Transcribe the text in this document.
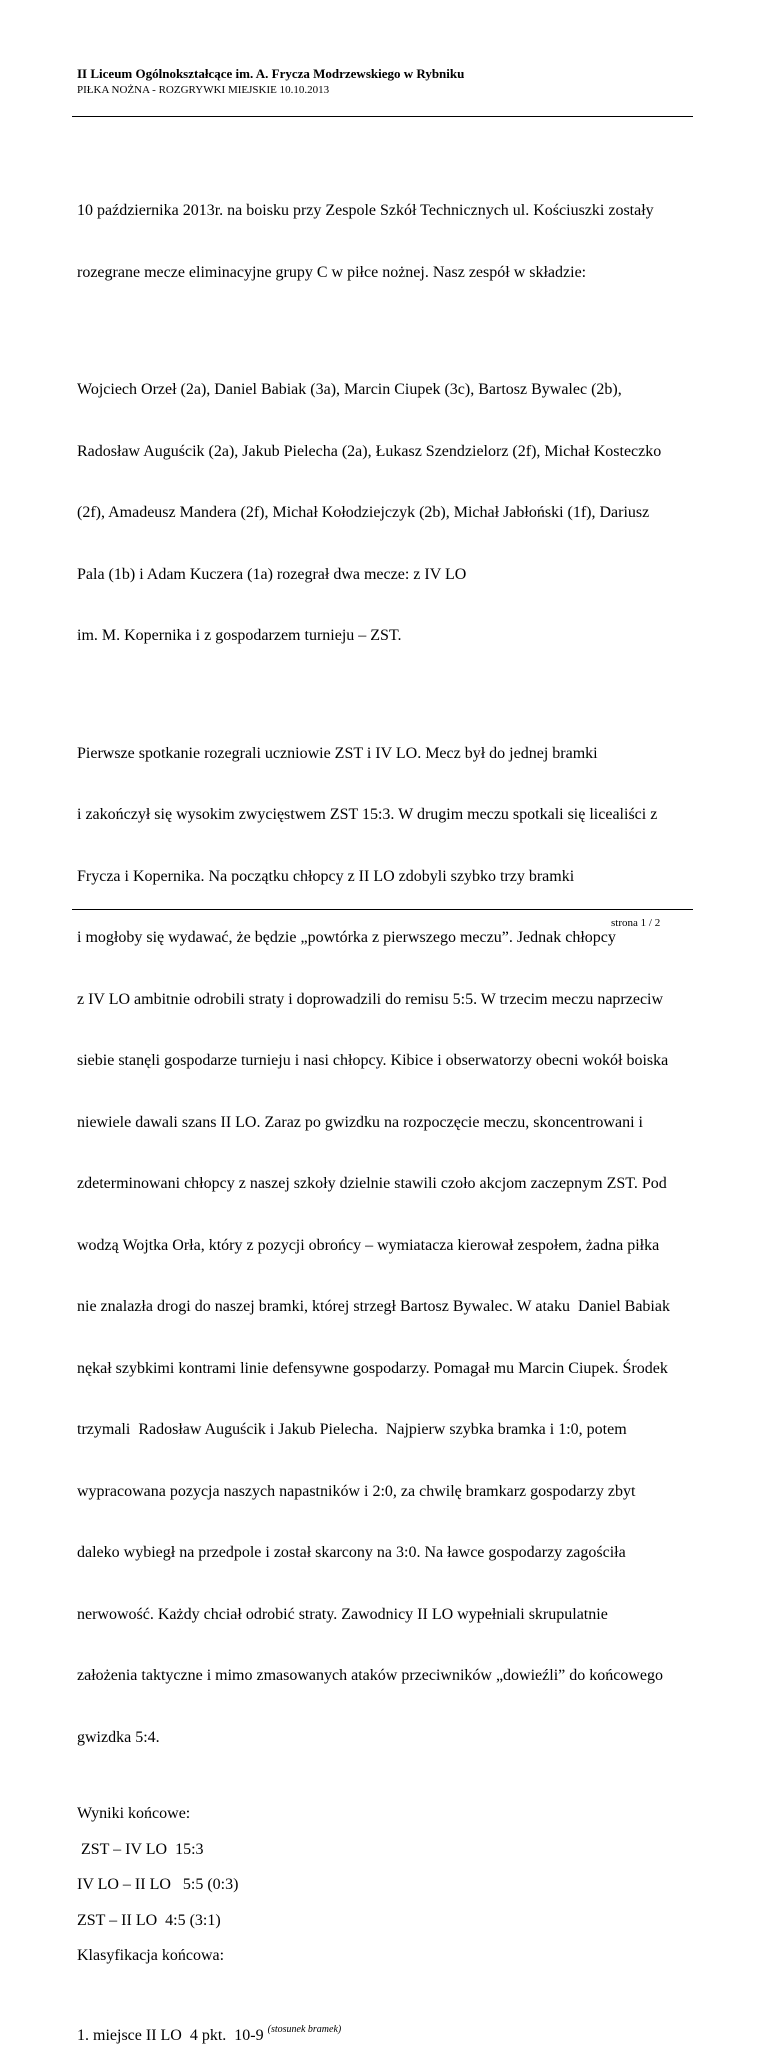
II Liceum Ogólnokształcące im. A. Frycza Modrzewskiego w Rybniku
PIŁKA NOŻNA - ROZGRYWKI MIEJSKIE 10.10.2013

10 października 2013r. na boisku przy Zespole Szkół Technicznych ul. Kościuszki zostały

rozegrane mecze eliminacyjne grupy C w piłce nożnej. Nasz zespół w składzie:

Wojciech Orzeł (2a), Daniel Babiak (3a), Marcin Ciupek (3c), Bartosz Bywalec (2b),

Radosław Auguścik (2a), Jakub Pielecha (2a), Łukasz Szendzielorz (2f), Michał Kosteczko

(2f), Amadeusz Mandera (2f), Michał Kołodziejczyk (2b), Michał Jabłoński (1f), Dariusz

Pala (1b) i Adam Kuczera (1a) rozegrał dwa mecze: z IV LO

im. M. Kopernika i z gospodarzem turnieju – ZST.

Pierwsze spotkanie rozegrali uczniowie ZST i IV LO. Mecz był do jednej bramki

i zakończył się wysokim zwycięstwem ZST 15:3. W drugim meczu spotkali się licealiści z

Frycza i Kopernika. Na początku chłopcy z II LO zdobyli szybko trzy bramki

i mogłoby się wydawać, że będzie „powtórka z pierwszego meczu”. Jednak chłopcy

z IV LO ambitnie odrobili straty i doprowadzili do remisu 5:5. W trzecim meczu naprzeciw

siebie stanęli gospodarze turnieju i nasi chłopcy. Kibice i obserwatorzy obecni wokół boiska

niewiele dawali szans II LO. Zaraz po gwizdku na rozpoczęcie meczu, skoncentrowani i

zdeterminowani chłopcy z naszej szkoły dzielnie stawili czoło akcjom zaczepnym ZST. Pod

wodzą Wojtka Orła, który z pozycji obrońcy – wymiatacza kierował zespołem, żadna piłka

nie znalazła drogi do naszej bramki, której strzegł Bartosz Bywalec. W ataku  Daniel Babiak

nękał szybkimi kontrami linie defensywne gospodarzy. Pomagał mu Marcin Ciupek. Środek

trzymali  Radosław Auguścik i Jakub Pielecha.  Najpierw szybka bramka i 1:0, potem

wypracowana pozycja naszych napastników i 2:0, za chwilę bramkarz gospodarzy zbyt

daleko wybiegł na przedpole i został skarcony na 3:0. Na ławce gospodarzy zagościła

nerwowość. Każdy chciał odrobić straty. Zawodnicy II LO wypełniali skrupulatnie

założenia taktyczne i mimo zmasowanych ataków przeciwników „dowieźli” do końcowego

gwizdka 5:4.

Wyniki końcowe:

ZST – IV LO  15:3

IV LO – II LO   5:5 (0:3)

ZST – II LO  4:5 (3:1)

Klasyfikacja końcowa:

1. miejsce II LO  4 pkt.  10-9 $^{(stosunek bramek)}$

strona 1 / 2
